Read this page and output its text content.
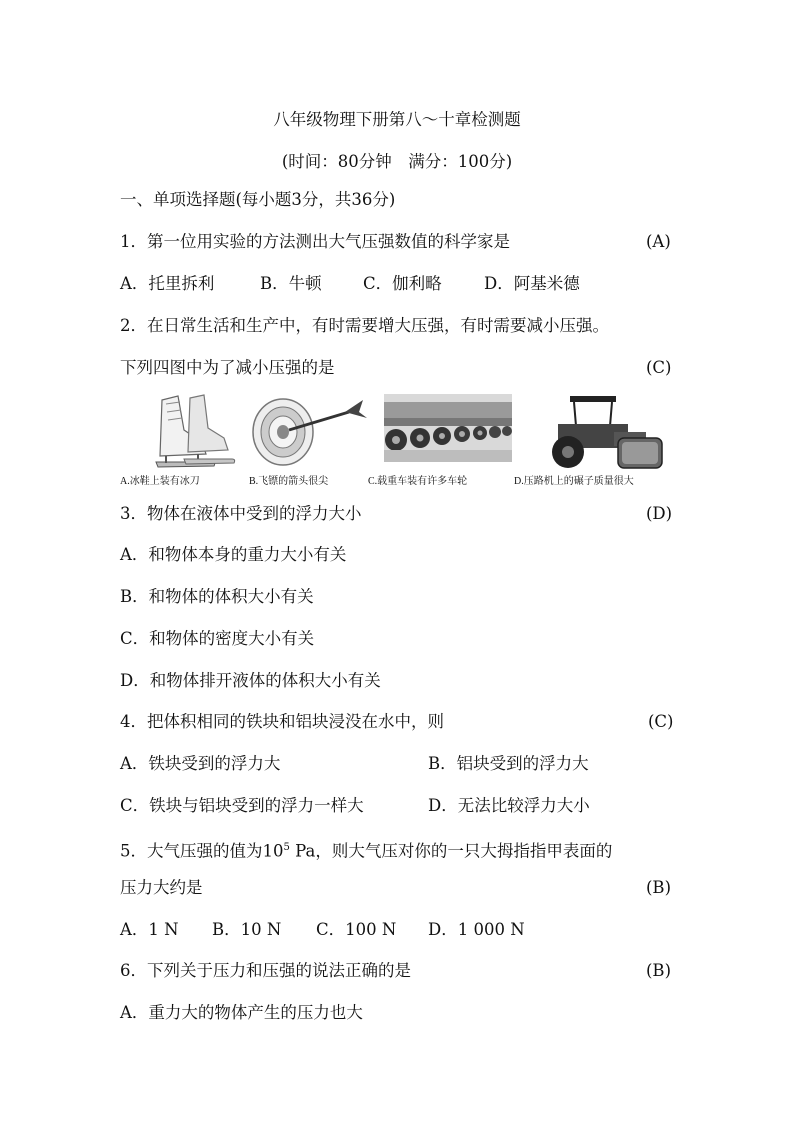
八年级物理下册第八～十章检测题
(时间：80分钟　满分：100分)
一、单项选择题(每小题3分，共36分)
1．第一位用实验的方法测出大气压强数值的科学家是	(A)
A．托里拆利	B．牛顿	C．伽利略	D．阿基米德
2．在日常生活和生产中，有时需要增大压强，有时需要减小压强。
下列四图中为了减小压强的是	(C)
A.冰鞋上装有冰刀	B.飞镖的箭头很尖	C.载重车装有许多车轮	D.压路机上的碾子质量很大
3．物体在液体中受到的浮力大小	(D)
A．和物体本身的重力大小有关
B．和物体的体积大小有关
C．和物体的密度大小有关
D．和物体排开液体的体积大小有关
4．把体积相同的铁块和铝块浸没在水中，则	(C)
A．铁块受到的浮力大	B．铝块受到的浮力大
C．铁块与铝块受到的浮力一样大	D．无法比较浮力大小
5．大气压强的值为$10^5$ Pa，则大气压对你的一只大拇指指甲表面的
压力大约是	(B)
A．1 N B．10 N C．100 N D．1 000 N
6．下列关于压力和压强的说法正确的是	(B)
A．重力大的物体产生的压力也大
